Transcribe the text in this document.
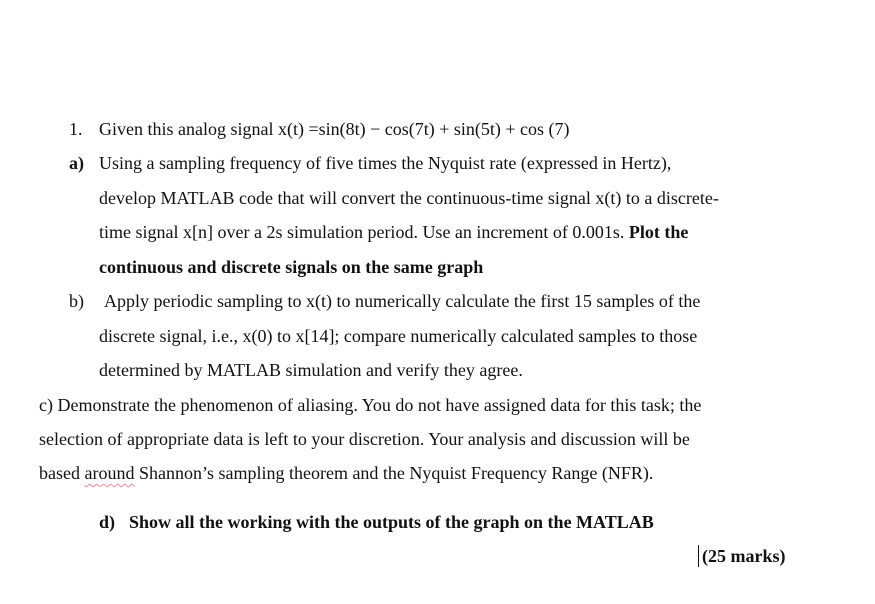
1. Given this analog signal x(t) =sin(8t) − cos(7t) + sin(5t) + cos (7)
a) Using a sampling frequency of five times the Nyquist rate (expressed in Hertz),
develop MATLAB code that will convert the continuous-time signal x(t) to a discrete-
time signal x[n] over a 2s simulation period. Use an increment of 0.001s. Plot the
continuous and discrete signals on the same graph
b) Apply periodic sampling to x(t) to numerically calculate the first 15 samples of the
discrete signal, i.e., x(0) to x[14]; compare numerically calculated samples to those
determined by MATLAB simulation and verify they agree.
c) Demonstrate the phenomenon of aliasing. You do not have assigned data for this task; the
selection of appropriate data is left to your discretion. Your analysis and discussion will be
based around Shannon’s sampling theorem and the Nyquist Frequency Range (NFR).
d) Show all the working with the outputs of the graph on the MATLAB
(25 marks)
